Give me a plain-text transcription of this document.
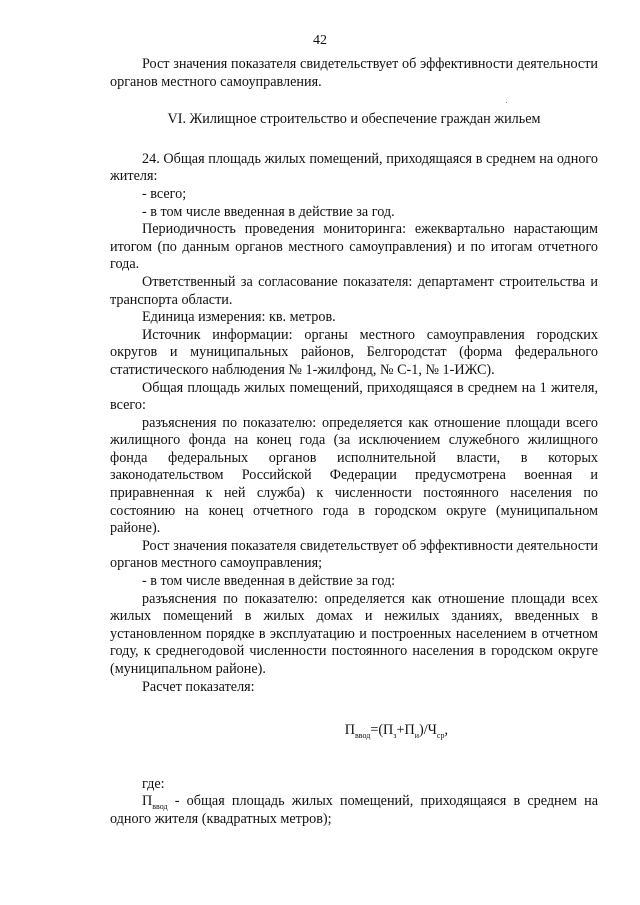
42

Рост значения показателя свидетельствует об эффективности деятельности органов местного самоуправления.

VI. Жилищное строительство и обеспечение граждан жильем

24. Общая площадь жилых помещений, приходящаяся в среднем на одного жителя:

- всего;

- в том числе введенная в действие за год.

Периодичность проведения мониторинга: ежеквартально нарастающим итогом (по данным органов местного самоуправления) и по итогам отчетного года.

Ответственный за согласование показателя: департамент строительства и транспорта области.

Единица измерения: кв. метров.

Источник информации: органы местного самоуправления городских округов и муниципальных районов, Белгородстат (форма федерального статистического наблюдения № 1-жилфонд, № С-1, № 1-ИЖС).

Общая площадь жилых помещений, приходящаяся в среднем на 1 жителя, всего:

разъяснения по показателю: определяется как отношение площади всего жилищного фонда на конец года (за исключением служебного жилищного фонда федеральных органов исполнительной власти, в которых законодательством Российской Федерации предусмотрена военная и приравненная к ней служба) к численности постоянного населения по состоянию на конец отчетного года в городском округе (муниципальном районе).

Рост значения показателя свидетельствует об эффективности деятельности органов местного самоуправления;

- в том числе введенная в действие за год:

разъяснения по показателю: определяется как отношение площади всех жилых помещений в жилых домах и нежилых зданиях, введенных в установленном порядке в эксплуатацию и построенных населением в отчетном году, к среднегодовой численности постоянного населения в городском округе (муниципальном районе).

Расчет показателя:

$П_{ввод}=(П_з+П_и)/Ч_{ср}$,

где:

$П_{ввод}$ - общая площадь жилых помещений, приходящаяся в среднем на одного жителя (квадратных метров);
